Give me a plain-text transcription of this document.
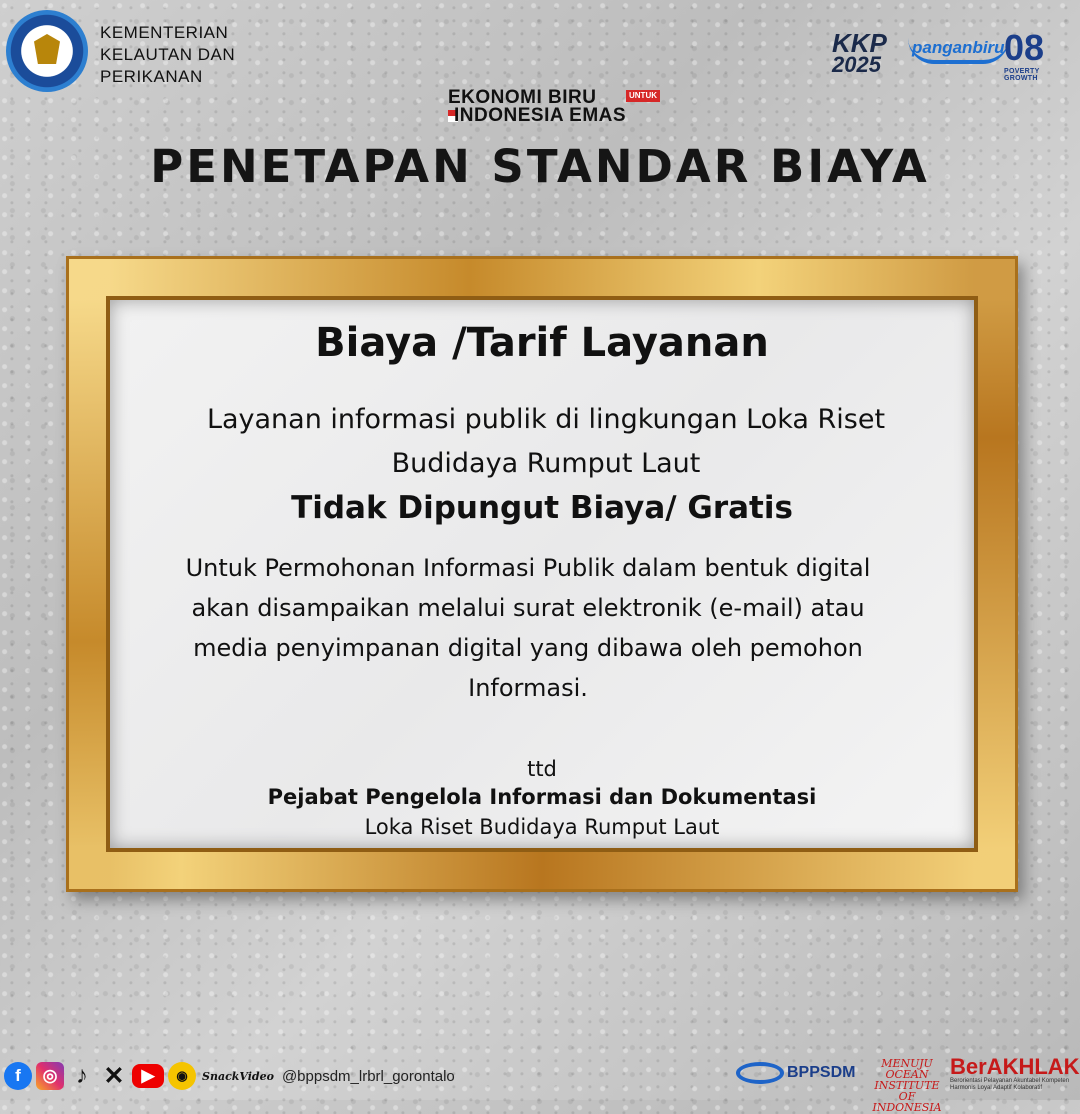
KEMENTERIAN
KELAUTAN DAN
PERIKANAN
KKP
2025
panganbiru 08
POVERTY GROWTH
EKONOMI BIRU	UNTUK
INDONESIA EMAS
PENETAPAN STANDAR BIAYA
Biaya /Tarif Layanan
Layanan informasi publik di lingkungan Loka Riset Budidaya Rumput Laut
Tidak Dipungut Biaya/ Gratis
Untuk Permohonan Informasi Publik dalam bentuk digital akan disampaikan melalui surat elektronik (e-mail) atau media penyimpanan digital yang dibawa oleh pemohon Informasi.
ttd
Pejabat Pengelola Informasi dan Dokumentasi
Loka Riset Budidaya Rumput Laut
f	◎ ♪ ✕ ▶	◉	SnackVideo @bppsdm_lrbrl_gorontalo	BPPSDM
MENUJU
OCEAN INSTITUTE
OF INDONESIA
BerAKHLAK
Berorientasi Pelayanan Akuntabel Kompeten Harmonis Loyal Adaptif Kolaboratif
